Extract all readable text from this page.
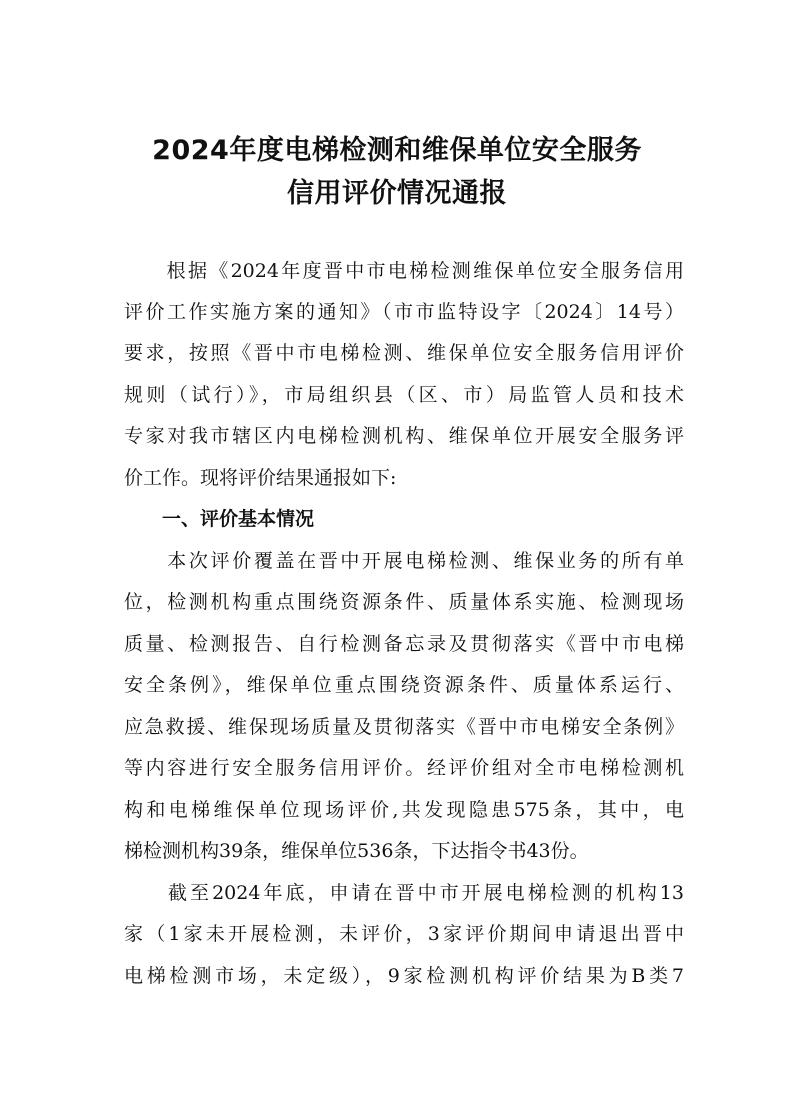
2024年度电梯检测和维保单位安全服务
信用评价情况通报
　　根据《2024年度晋中市电梯检测维保单位安全服务信用
评价工作实施方案的通知》（市市监特设字〔2024〕14号）
要求，按照《晋中市电梯检测、维保单位安全服务信用评价
规则（试行）》，市局组织县（区、市）局监管人员和技术
专家对我市辖区内电梯检测机构、维保单位开展安全服务评
价工作。现将评价结果通报如下:
一、评价基本情况
　　本次评价覆盖在晋中开展电梯检测、维保业务的所有单
位，检测机构重点围绕资源条件、质量体系实施、检测现场
质量、检测报告、自行检测备忘录及贯彻落实《晋中市电梯
安全条例》，维保单位重点围绕资源条件、质量体系运行、
应急救援、维保现场质量及贯彻落实《晋中市电梯安全条例》
等内容进行安全服务信用评价。经评价组对全市电梯检测机
构和电梯维保单位现场评价,共发现隐患575条，其中，电
梯检测机构39条，维保单位536条，下达指令书43份。
　　截至2024年底，申请在晋中市开展电梯检测的机构13
家（1家未开展检测，未评价，3家评价期间申请退出晋中
电梯检测市场，未定级），9家检测机构评价结果为B类7
